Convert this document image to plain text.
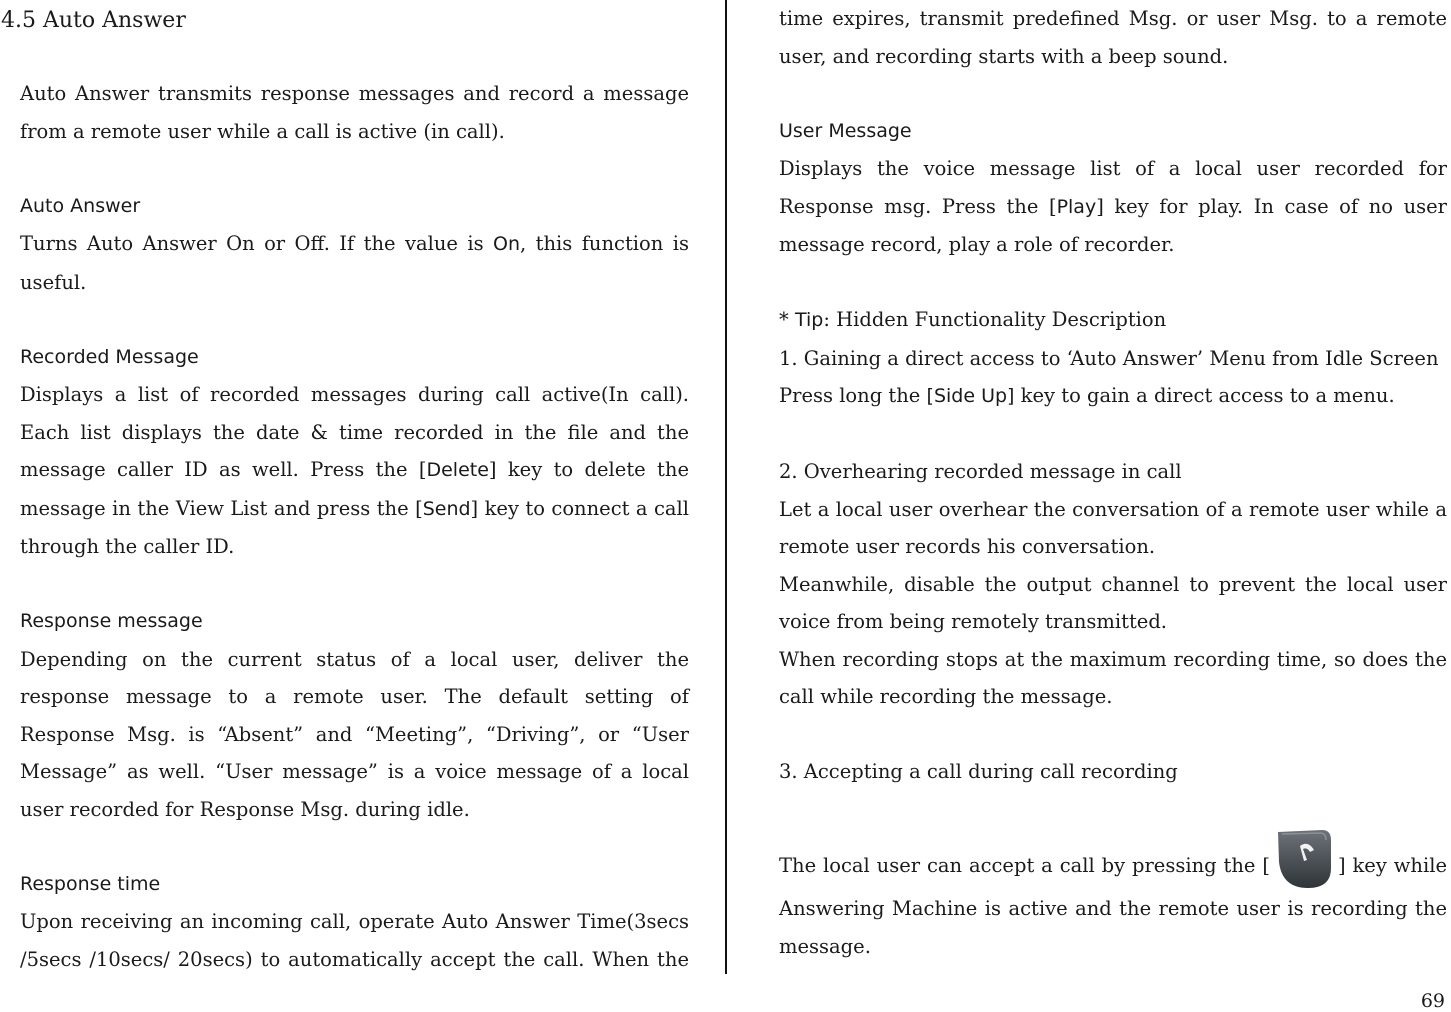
4.5 Auto Answer

Auto Answer transmits response messages and record a message from a remote user while a call is active (in call).

Auto Answer

Turns Auto Answer On or Off. If the value is On, this function is useful.

Recorded Message

Displays a list of recorded messages during call active(In call). Each list displays the date & time recorded in the file and the message caller ID as well. Press the [Delete] key to delete the message in the View List and press the [Send] key to connect a call through the caller ID.

Response message

Depending on the current status of a local user, deliver the response message to a remote user. The default setting of Response Msg. is “Absent” and “Meeting”, “Driving”, or “User Message” as well. “User message” is a voice message of a local user recorded for Response Msg. during idle.

Response time

Upon receiving an incoming call, operate Auto Answer Time(3secs /5secs /10secs/ 20secs) to automatically accept the call. When the

time expires, transmit predefined Msg. or user Msg. to a remote user, and recording starts with a beep sound.

User Message

Displays the voice message list of a local user recorded for Response msg. Press the [Play] key for play. In case of no user message record, play a role of recorder.

* Tip: Hidden Functionality Description

1. Gaining a direct access to ‘Auto Answer’ Menu from Idle Screen

Press long the [Side Up] key to gain a direct access to a menu.

2. Overhearing recorded message in call

Let a local user overhear the conversation of a remote user while a remote user records his conversation.

Meanwhile, disable the output channel to prevent the local user voice from being remotely transmitted.

When recording stops at the maximum recording time, so does the call while recording the message.

3. Accepting a call during call recording

The local user can accept a call by pressing the [	] key while Answering Machine is active and the remote user is recording the message.

69
